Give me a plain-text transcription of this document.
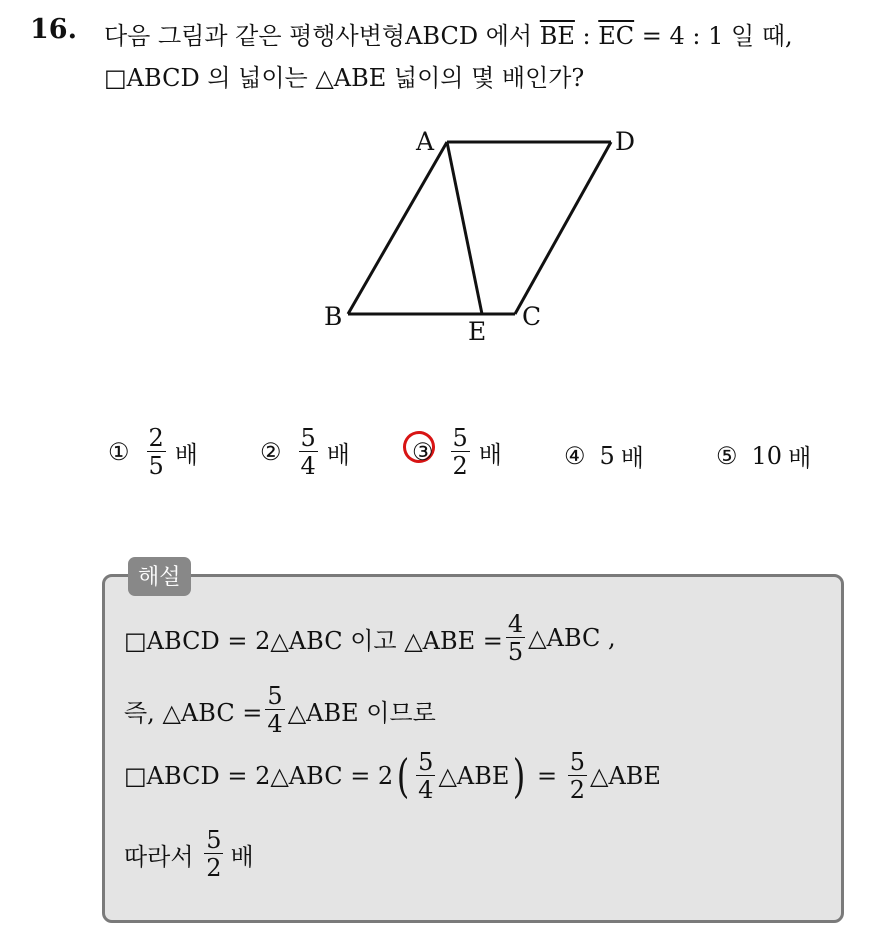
16. 다음 그림과 같은 평행사변형ABCD 에서 $\overline{BE}$ : $\overline{EC} = 4$ : 1 일 때,
□ABCD 의 넓이는 △ABE 넓이의 몇 배인가?
A	D
B	C
E
① $\frac{2}{5}$ 배	② $\frac{5}{4}$ 배	③ $\frac{5}{2}$ 배	④ 5 배	⑤ 10 배
해설
□ABCD = 2△ABC 이고 △ABE = $\frac{4}{5}$ △ABC ,
즉, △ABC = $\frac{5}{4}$ △ABE 이므로
□ABCD = 2△ABC = 2 ( $\frac{5}{4}$ △ABE ) = $\frac{5}{2}$ △ABE
따라서 $\frac{5}{2}$ 배
